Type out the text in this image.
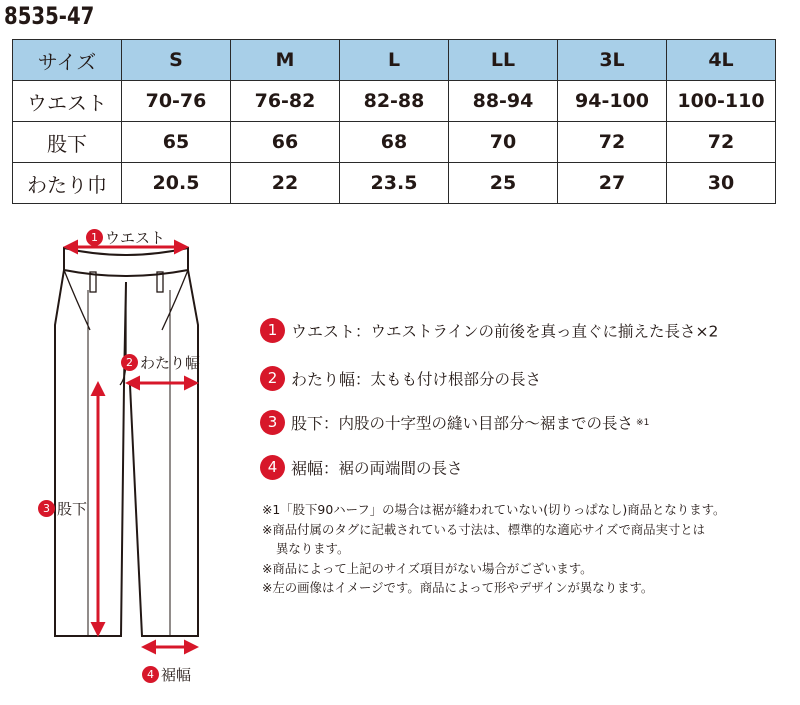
8535-47
サイズ	S	M	L	LL	3L	4L
ウエスト	70-76	76-82	82-88	88-94	94-100	100-110
股下	65	66	68	70	72	72
わたり巾	20.5	22	23.5	25	27	30
1 ウエスト
2 わたり幅
3 股下
4 裾幅
1 ウエスト：ウエストラインの前後を真っ直ぐに揃えた長さ×2
2 わたり幅：太もも付け根部分の長さ
3 股下：内股の十字型の縫い目部分〜裾までの長さ ※1
4 裾幅：裾の両端間の長さ
※1「股下90ハーフ」の場合は裾が縫われていない(切りっぱなし)商品となります。
※商品付属のタグに記載されている寸法は、標準的な適応サイズで商品実寸とは
異なります。
※商品によって上記のサイズ項目がない場合がございます。
※左の画像はイメージです。商品によって形やデザインが異なります。
